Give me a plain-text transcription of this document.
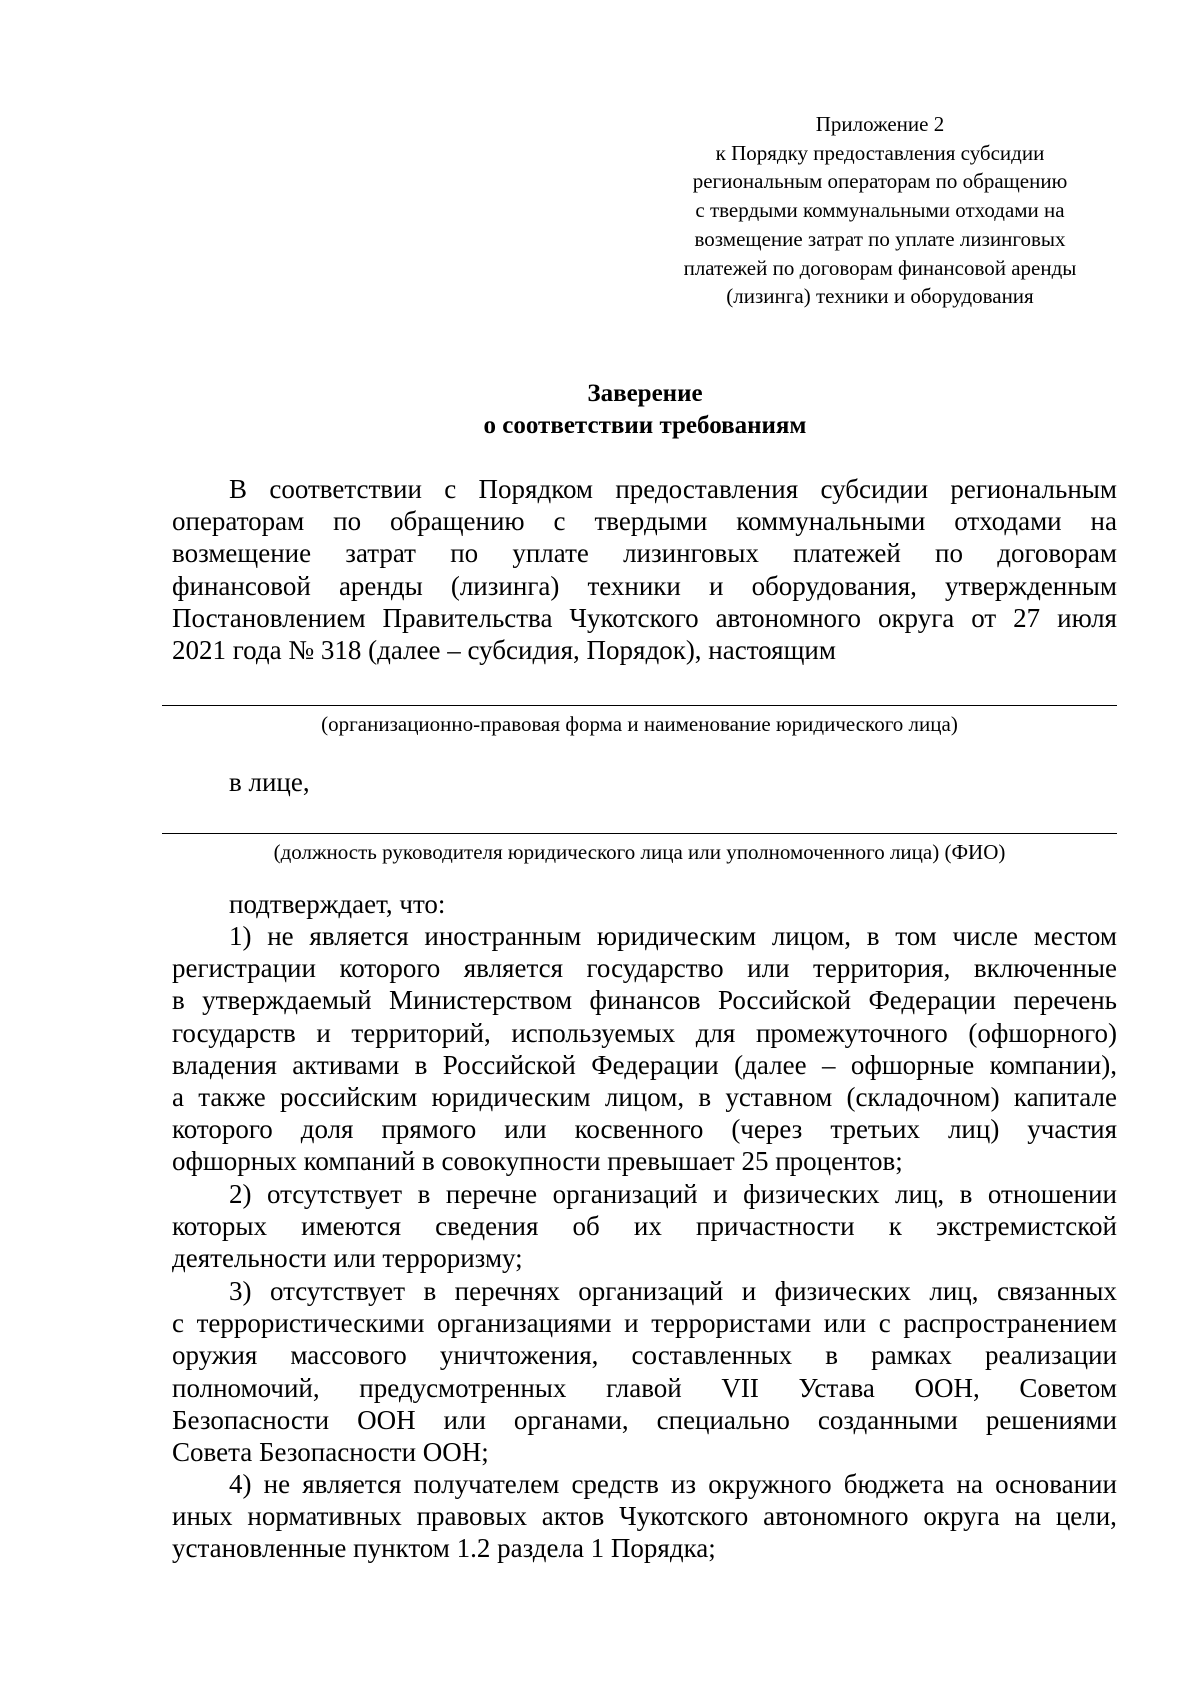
Приложение 2
к Порядку предоставления субсидии
региональным операторам по обращению
с твердыми коммунальными отходами на
возмещение затрат по уплате лизинговых
платежей по договорам финансовой аренды
(лизинга) техники и оборудования
Заверение
о соответствии требованиям
В соответствии с Порядком предоставления субсидии региональным
операторам по обращению с твердыми коммунальными отходами на
возмещение затрат по уплате лизинговых платежей по договорам
финансовой аренды (лизинга) техники и оборудования, утвержденным
Постановлением Правительства Чукотского автономного округа от 27 июля
2021 года № 318 (далее – субсидия, Порядок), настоящим
(организационно-правовая форма и наименование юридического лица)
в лице,
(должность руководителя юридического лица или уполномоченного лица) (ФИО)
подтверждает, что:
1) не является иностранным юридическим лицом, в том числе местом
регистрации которого является государство или территория, включенные
в утверждаемый Министерством финансов Российской Федерации перечень
государств и территорий, используемых для промежуточного (офшорного)
владения активами в Российской Федерации (далее – офшорные компании),
а также российским юридическим лицом, в уставном (складочном) капитале
которого доля прямого или косвенного (через третьих лиц) участия
офшорных компаний в совокупности превышает 25 процентов;
2) отсутствует в перечне организаций и физических лиц, в отношении
которых имеются сведения об их причастности к экстремистской
деятельности или терроризму;
3) отсутствует в перечнях организаций и физических лиц, связанных
с террористическими организациями и террористами или с распространением
оружия массового уничтожения, составленных в рамках реализации
полномочий, предусмотренных главой VII Устава ООН, Советом
Безопасности ООН или органами, специально созданными решениями
Совета Безопасности ООН;
4) не является получателем средств из окружного бюджета на основании
иных нормативных правовых актов Чукотского автономного округа на цели,
установленные пунктом 1.2 раздела 1 Порядка;
